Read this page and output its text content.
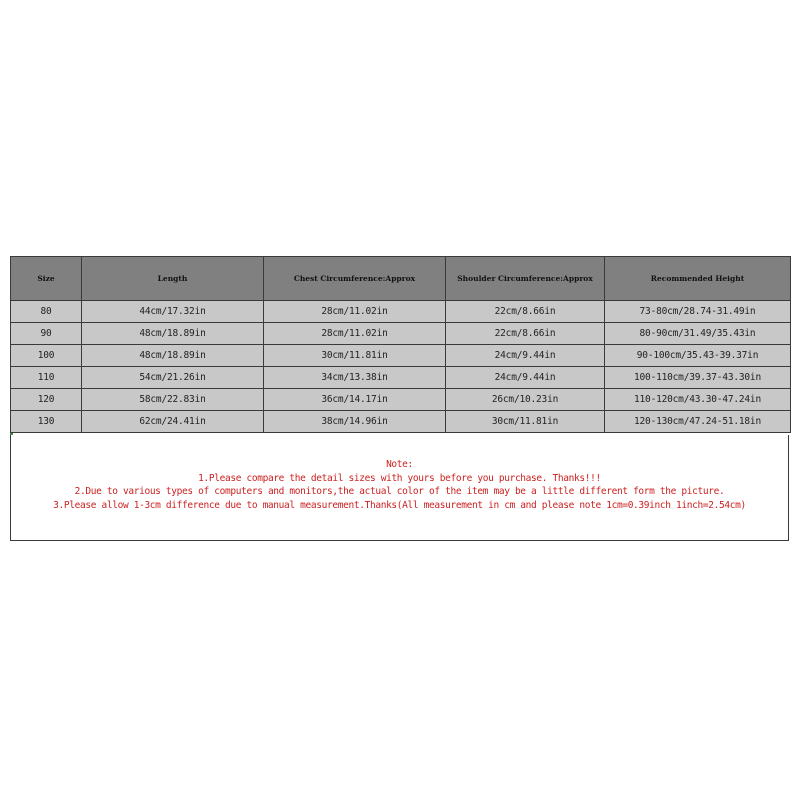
Size	Length	Chest Circumference:Approx	Shoulder Circumference:Approx	Recommended Height
80	44cm/17.32in	28cm/11.02in	22cm/8.66in	73-80cm/28.74-31.49in
90	48cm/18.89in	28cm/11.02in	22cm/8.66in	80-90cm/31.49/35.43in
100	48cm/18.89in	30cm/11.81in	24cm/9.44in	90-100cm/35.43-39.37in
110	54cm/21.26in	34cm/13.38in	24cm/9.44in	100-110cm/39.37-43.30in
120	58cm/22.83in	36cm/14.17in	26cm/10.23in	110-120cm/43.30-47.24in
130	62cm/24.41in	38cm/14.96in	30cm/11.81in	120-130cm/47.24-51.18in
Note:
1.Please compare the detail sizes with yours before you purchase. Thanks!!!
2.Due to various types of computers and monitors,the actual color of the item may be a little different form the picture.
3.Please allow 1-3cm difference due to manual measurement.Thanks(All measurement in cm and please note 1cm=0.39inch 1inch=2.54cm)
